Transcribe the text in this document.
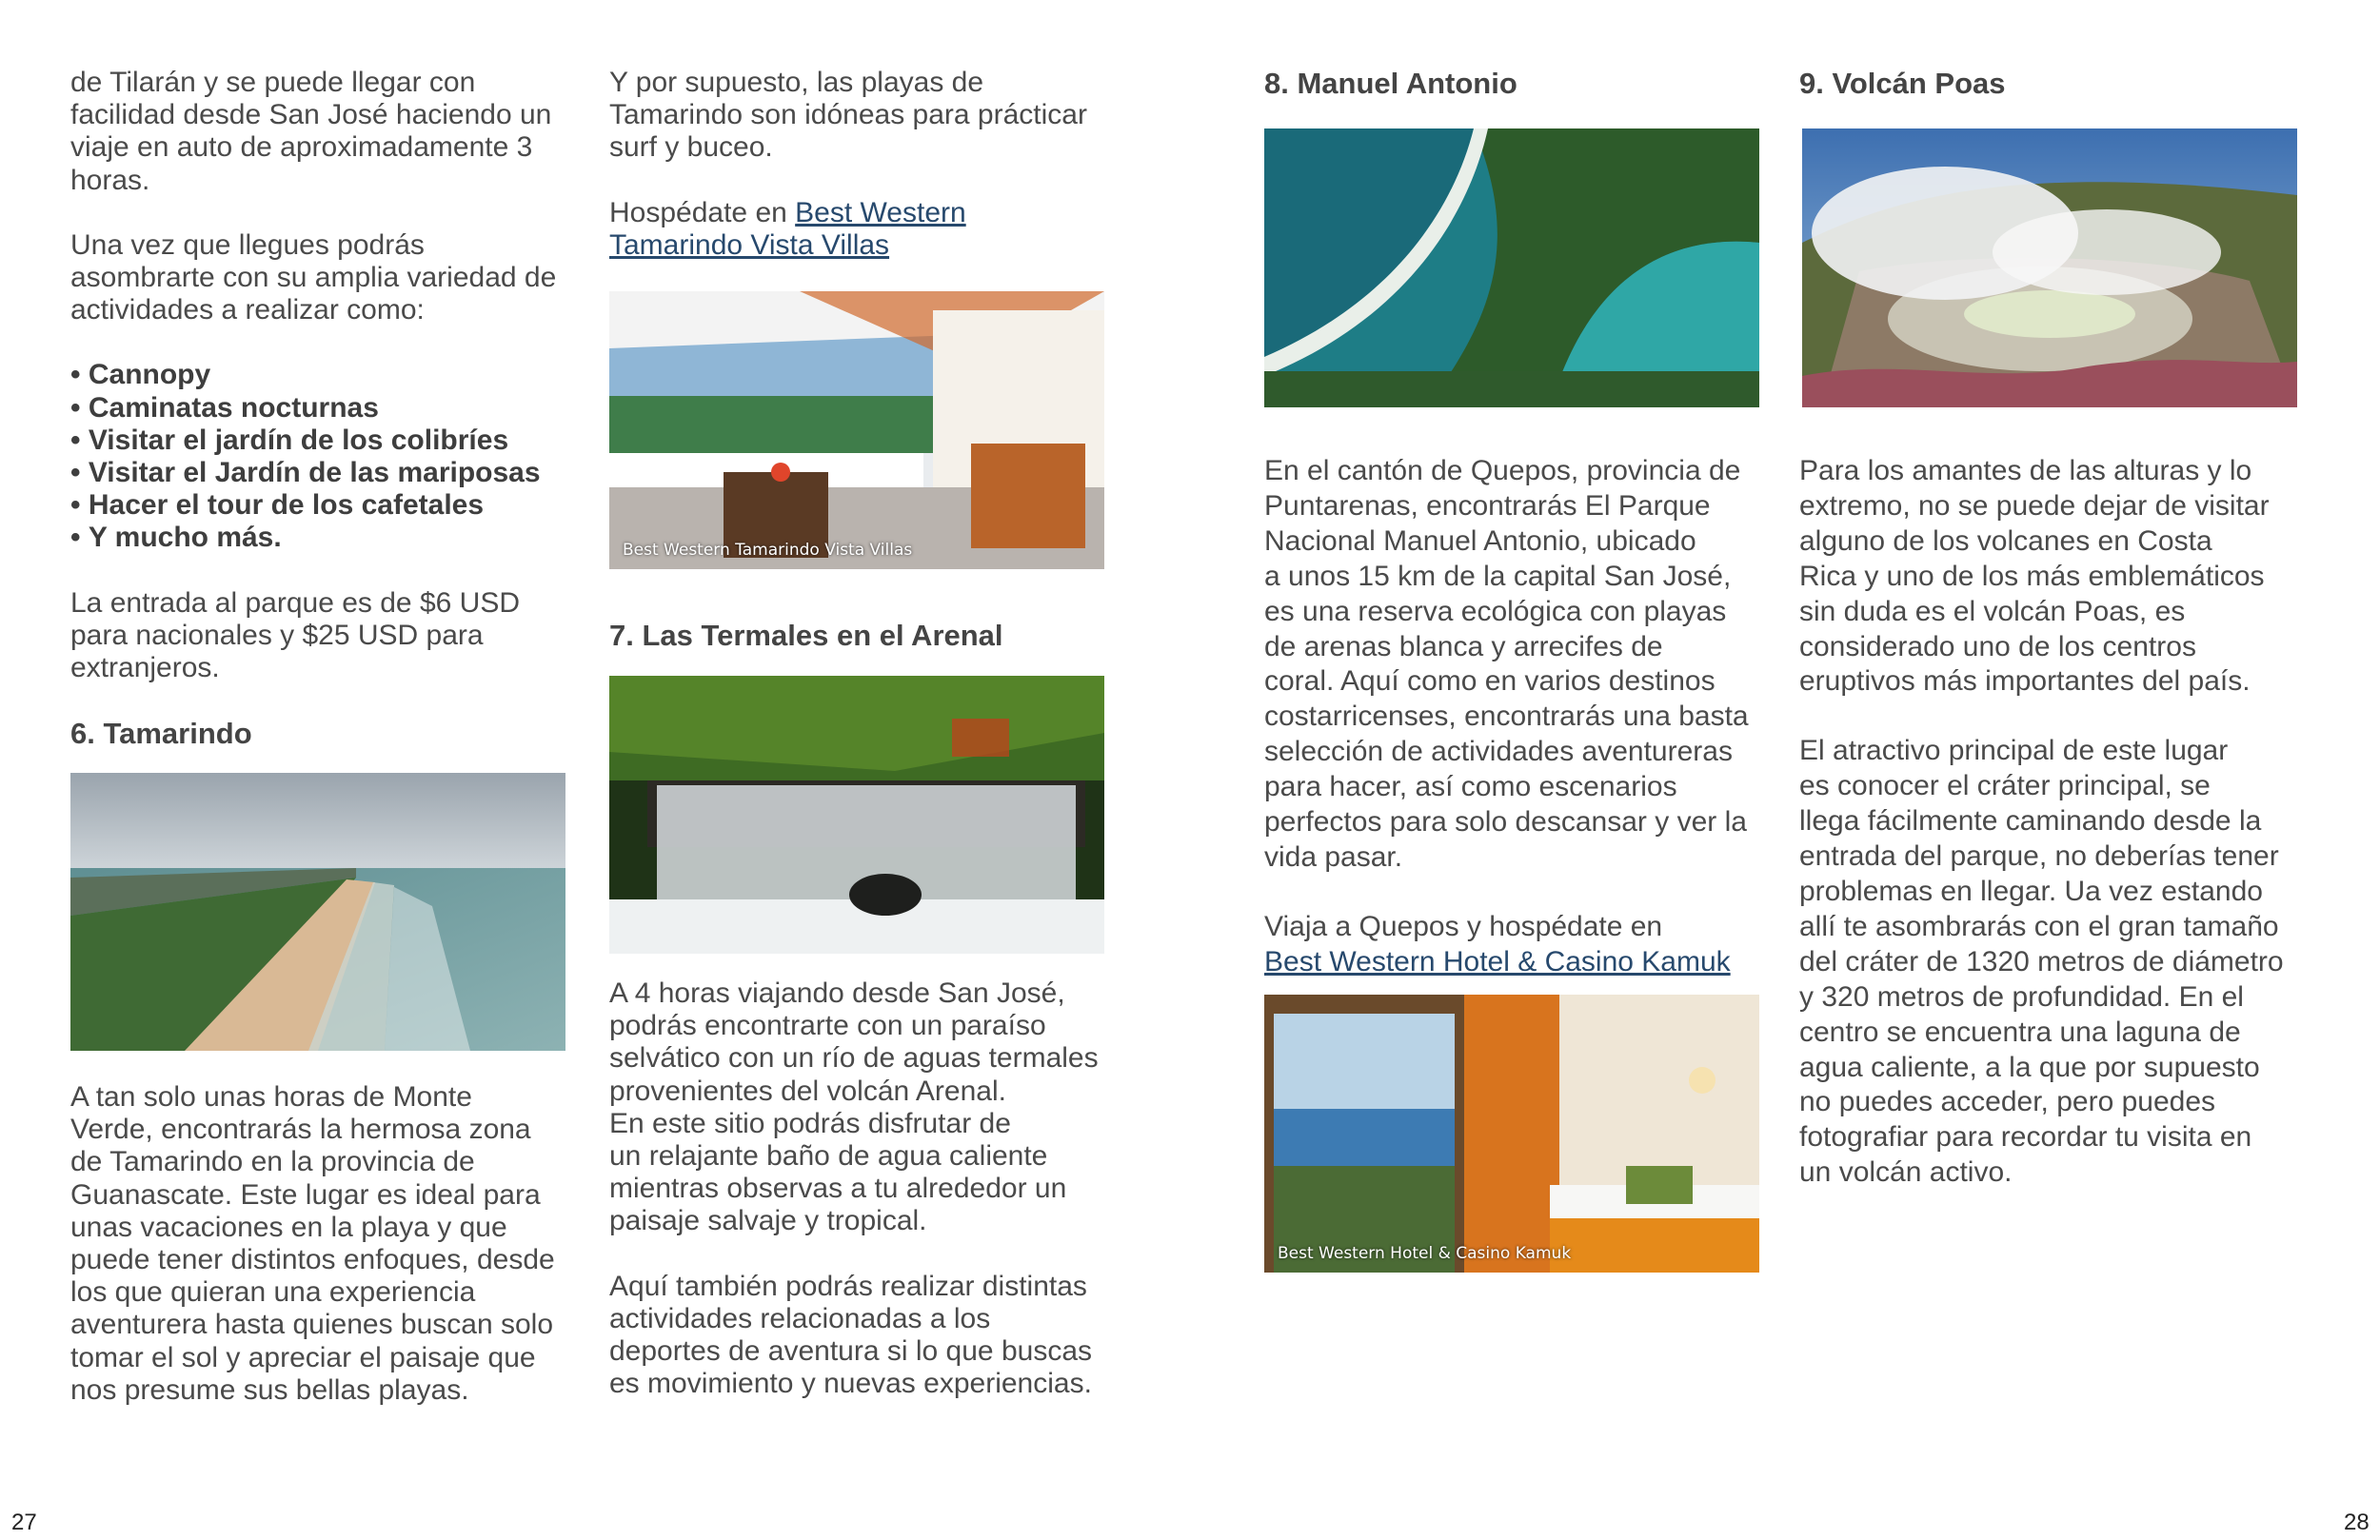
de Tilarán y se puede llegar con
facilidad desde San José haciendo un
viaje en auto de aproximadamente 3
horas.

Una vez que llegues podrás
asombrarte con su amplia variedad de
actividades a realizar como:

• Cannopy
• Caminatas nocturnas
• Visitar el jardín de los colibríes
• Visitar el Jardín de las mariposas
• Hacer el tour de los cafetales
• Y mucho más.

La entrada al parque es de $6 USD
para nacionales y $25 USD para
extranjeros.

6. Tamarindo

A tan solo unas horas de Monte
Verde, encontrarás la hermosa zona
de Tamarindo en la provincia de
Guanascate. Este lugar es ideal para
unas vacaciones en la playa y que
puede tener distintos enfoques, desde
los que quieran una experiencia
aventurera hasta quienes buscan solo
tomar el sol y apreciar el paisaje que
nos presume sus bellas playas.

Y por supuesto, las playas de
Tamarindo son idóneas para prácticar
surf y buceo.

Hospédate en Best Western
Tamarindo Vista Villas

Best Western Tamarindo Vista Villas
7. Las Termales en el Arenal

A 4 horas viajando desde San José,
podrás encontrarte con un paraíso
selvático con un río de aguas termales
provenientes del volcán Arenal.
En este sitio podrás disfrutar de
un relajante baño de agua caliente
mientras observas a tu alrededor un
paisaje salvaje y tropical.

Aquí también podrás realizar distintas
actividades relacionadas a los
deportes de aventura si lo que buscas
es movimiento y nuevas experiencias.

27
8. Manuel Antonio

En el cantón de Quepos, provincia de
Puntarenas, encontrarás El Parque
Nacional Manuel Antonio, ubicado
a unos 15 km de la capital San José,
es una reserva ecológica con playas
de arenas blanca y arrecifes de
coral. Aquí como en varios destinos
costarricenses, encontrarás una basta
selección de actividades aventureras
para hacer, así como escenarios
perfectos para solo descansar y ver la
vida pasar.

Viaja a Quepos y hospédate en
Best Western Hotel & Casino Kamuk

Best Western Hotel & Casino Kamuk
9. Volcán Poas

Para los amantes de las alturas y lo
extremo, no se puede dejar de visitar
alguno de los volcanes en Costa
Rica y uno de los más emblemáticos
sin duda es el volcán Poas, es
considerado uno de los centros
eruptivos más importantes del país.

El atractivo principal de este lugar
es conocer el cráter principal, se
llega fácilmente caminando desde la
entrada del parque, no deberías tener
problemas en llegar. Ua vez estando
allí te asombrarás con el gran tamaño
del cráter de 1320 metros de diámetro
y 320 metros de profundidad. En el
centro se encuentra una laguna de
agua caliente, a la que por supuesto
no puedes acceder, pero puedes
fotografiar para recordar tu visita en
un volcán activo.

28
